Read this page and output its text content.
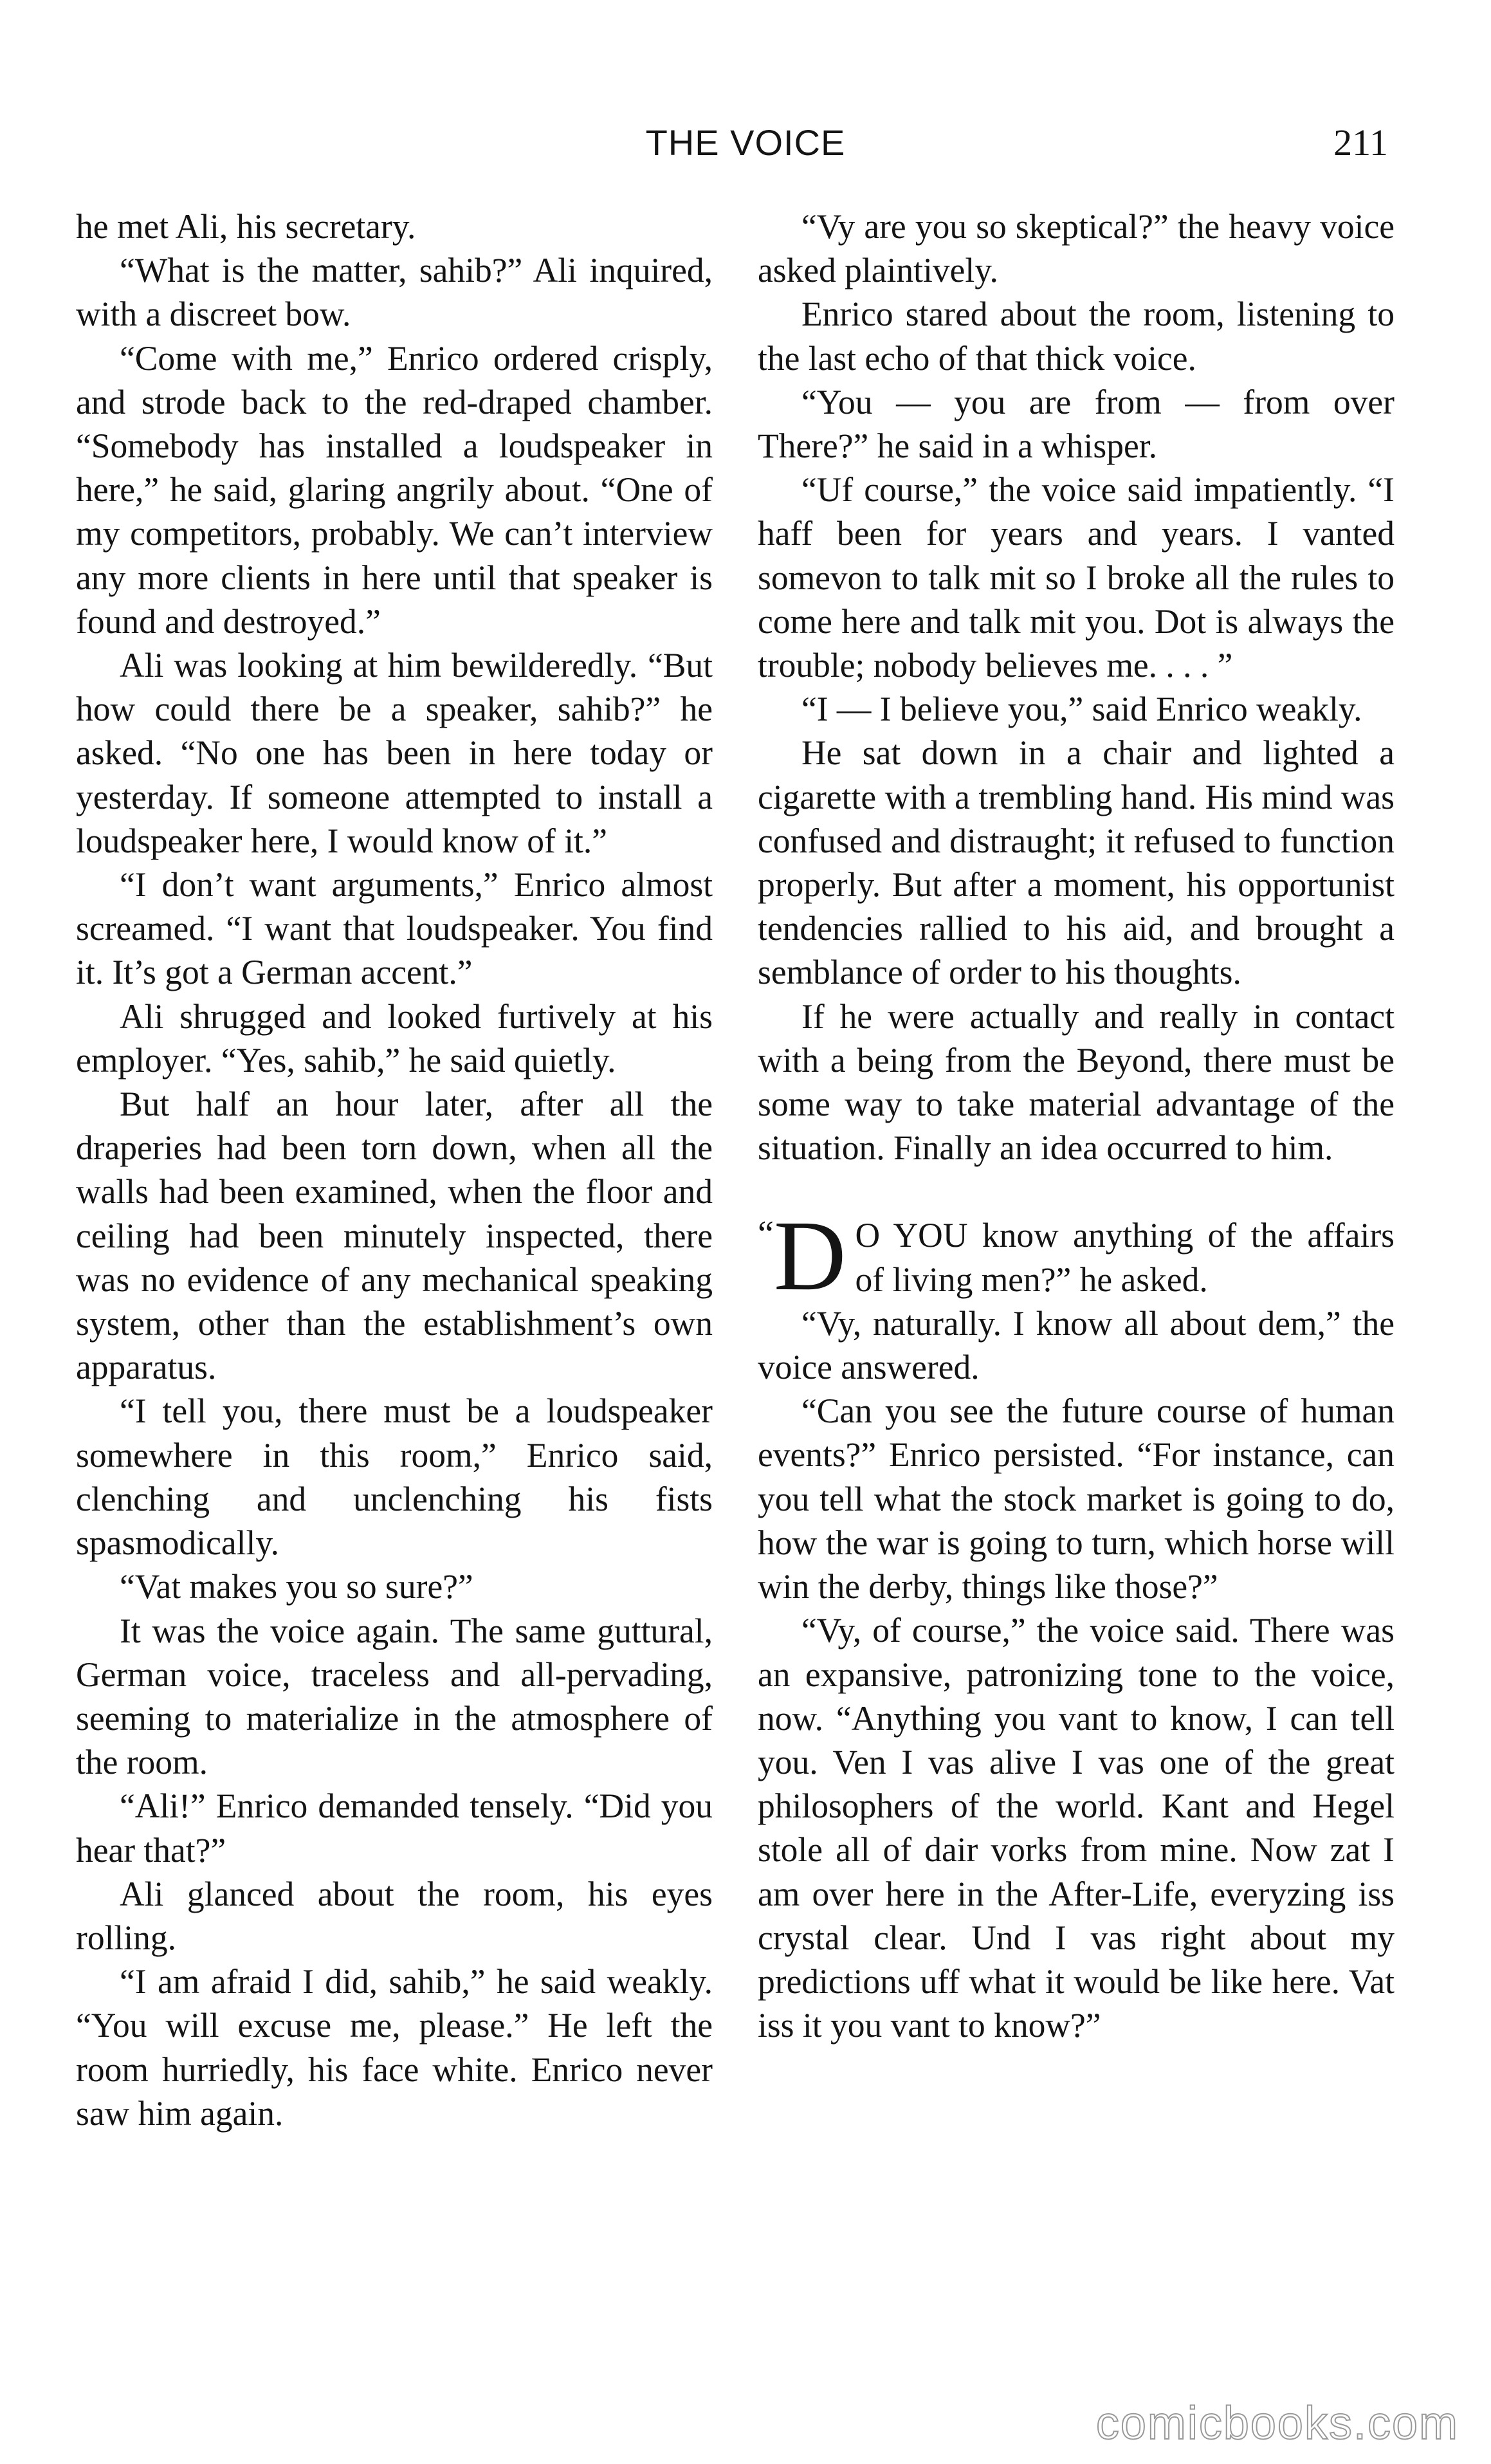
THE VOICE	211

he met Ali, his secretary.

“What is the matter, sahib?” Ali inquired, with a discreet bow.

“Come with me,” Enrico ordered crisply, and strode back to the red-draped chamber. “Somebody has installed a loudspeaker in here,” he said, glaring angrily about. “One of my competitors, probably. We can’t interview any more clients in here until that speaker is found and destroyed.”

Ali was looking at him bewilderedly. “But how could there be a speaker, sahib?” he asked. “No one has been in here today or yesterday. If someone attempted to install a loudspeaker here, I would know of it.”

“I don’t want arguments,” Enrico almost screamed. “I want that loudspeaker. You find it. It’s got a German accent.”

Ali shrugged and looked furtively at his employer. “Yes, sahib,” he said quietly.

But half an hour later, after all the draperies had been torn down, when all the walls had been examined, when the floor and ceiling had been minutely inspected, there was no evidence of any mechanical speaking system, other than the establishment’s own apparatus.

“I tell you, there must be a loudspeaker somewhere in this room,” Enrico said, clenching and unclenching his fists spasmodically.

“Vat makes you so sure?”

It was the voice again. The same guttural, German voice, traceless and all-pervading, seeming to materialize in the atmosphere of the room.

“Ali!” Enrico demanded tensely. “Did you hear that?”

Ali glanced about the room, his eyes rolling.

“I am afraid I did, sahib,” he said weakly. “You will excuse me, please.” He left the room hurriedly, his face white. Enrico never saw him again.

“Vy are you so skeptical?” the heavy voice asked plaintively.

Enrico stared about the room, listening to the last echo of that thick voice.

“You — you are from — from over There?” he said in a whisper.

“Uf course,” the voice said impatiently. “I haff been for years and years. I vanted somevon to talk mit so I broke all the rules to come here and talk mit you. Dot is always the trouble; nobody believes me. . . . ”

“I — I believe you,” said Enrico weakly.

He sat down in a chair and lighted a cigarette with a trembling hand. His mind was confused and distraught; it refused to function properly. But after a moment, his opportunist tendencies rallied to his aid, and brought a semblance of order to his thoughts.

If he were actually and really in contact with a being from the Beyond, there must be some way to take material advantage of the situation. Finally an idea occurred to him.

“D O YOU know anything of the affairs of living men?” he asked.

“Vy, naturally. I know all about dem,” the voice answered.

“Can you see the future course of human events?” Enrico persisted. “For instance, can you tell what the stock market is going to do, how the war is going to turn, which horse will win the derby, things like those?”

“Vy, of course,” the voice said. There was an expansive, patronizing tone to the voice, now. “Anything you vant to know, I can tell you. Ven I vas alive I vas one of the great philosophers of the world. Kant and Hegel stole all of dair vorks from mine. Now zat I am over here in the After-Life, everyzing iss crystal clear. Und I vas right about my predictions uff what it would be like here. Vat iss it you vant to know?”

comicbooks.com
